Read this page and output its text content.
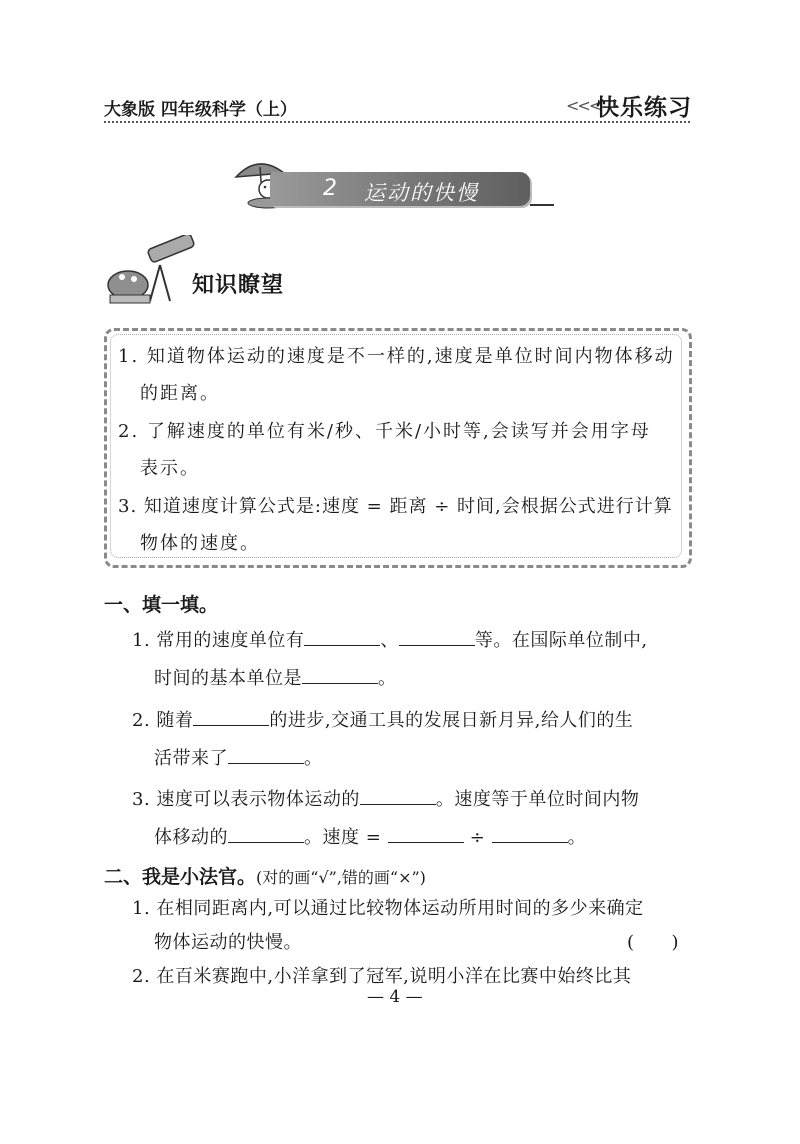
大象版 四年级科学（上）	<<<
快乐练习
2 运动的快慢
知识瞭望
1. 知道物体运动的速度是不一样的,速度是单位时间内物体移动
的距离。
2. 了解速度的单位有米/秒、千米/小时等,会读写并会用字母
表示。
3. 知道速度计算公式是:速度 = 距离 ÷ 时间,会根据公式进行计算
物体的速度。
一、填一填。
1. 常用的速度单位有	、	等。在国际单位制中,
时间的基本单位是	。
2. 随着	的进步,交通工具的发展日新月异,给人们的生
活带来了	。
3. 速度可以表示物体运动的	。速度等于单位时间内物
体移动的	。速度 =	÷	。
二、我是小法官。(对的画“√”,错的画“×”)
1. 在相同距离内,可以通过比较物体运动所用时间的多少来确定
物体运动的快慢。	(　　)
2. 在百米赛跑中,小洋拿到了冠军,说明小洋在比赛中始终比其
— 4 —
